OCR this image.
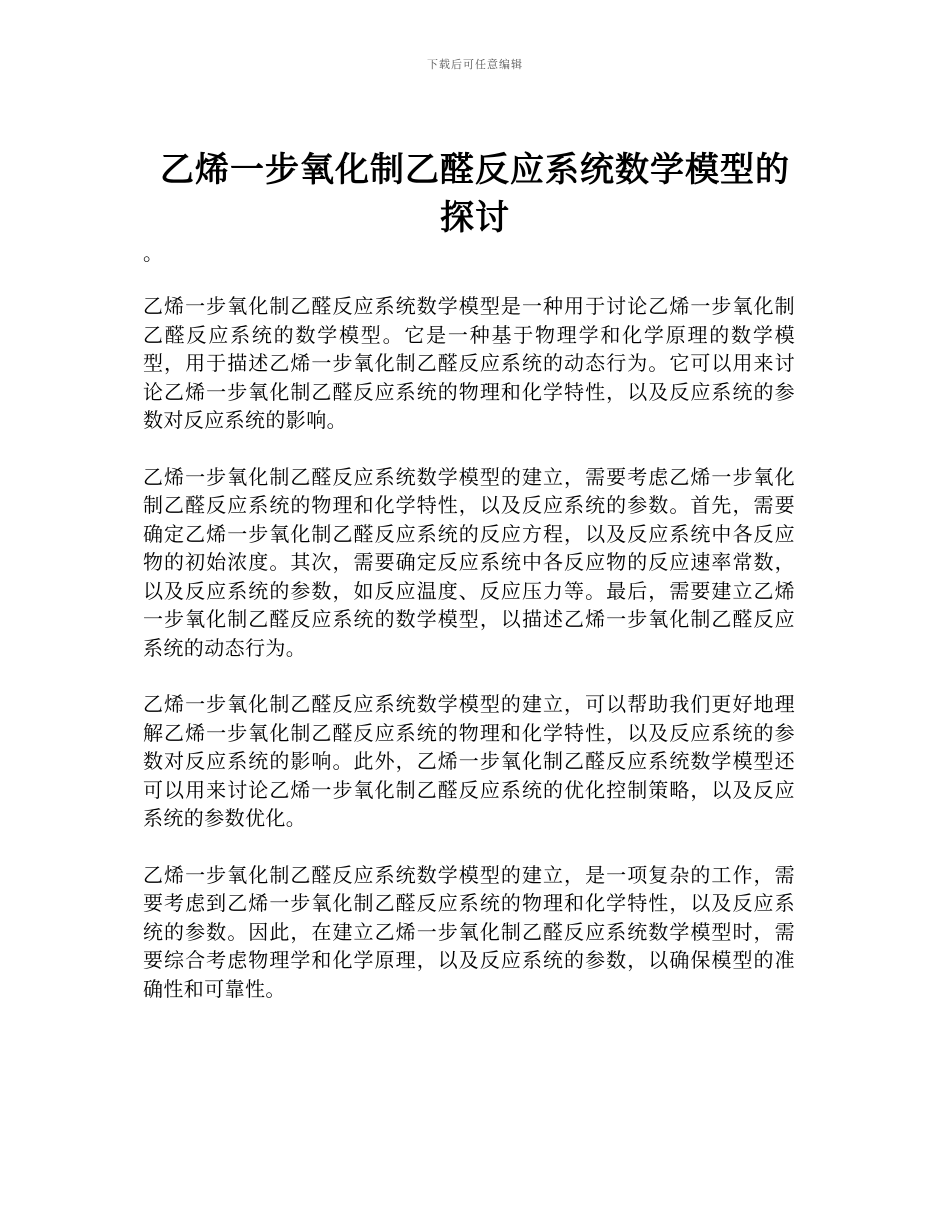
下载后可任意编辑
乙烯一步氧化制乙醛反应系统数学模型的探讨

。

乙烯一步氧化制乙醛反应系统数学模型是一种用于讨论乙烯一步氧化制乙醛反应系统的数学模型。它是一种基于物理学和化学原理的数学模型，用于描述乙烯一步氧化制乙醛反应系统的动态行为。它可以用来讨论乙烯一步氧化制乙醛反应系统的物理和化学特性，以及反应系统的参数对反应系统的影响。

乙烯一步氧化制乙醛反应系统数学模型的建立，需要考虑乙烯一步氧化制乙醛反应系统的物理和化学特性，以及反应系统的参数。首先，需要确定乙烯一步氧化制乙醛反应系统的反应方程，以及反应系统中各反应物的初始浓度。其次，需要确定反应系统中各反应物的反应速率常数，以及反应系统的参数，如反应温度、反应压力等。最后，需要建立乙烯一步氧化制乙醛反应系统的数学模型，以描述乙烯一步氧化制乙醛反应系统的动态行为。

乙烯一步氧化制乙醛反应系统数学模型的建立，可以帮助我们更好地理解乙烯一步氧化制乙醛反应系统的物理和化学特性，以及反应系统的参数对反应系统的影响。此外，乙烯一步氧化制乙醛反应系统数学模型还可以用来讨论乙烯一步氧化制乙醛反应系统的优化控制策略，以及反应系统的参数优化。

乙烯一步氧化制乙醛反应系统数学模型的建立，是一项复杂的工作，需要考虑到乙烯一步氧化制乙醛反应系统的物理和化学特性，以及反应系统的参数。因此，在建立乙烯一步氧化制乙醛反应系统数学模型时，需要综合考虑物理学和化学原理，以及反应系统的参数，以确保模型的准确性和可靠性。
